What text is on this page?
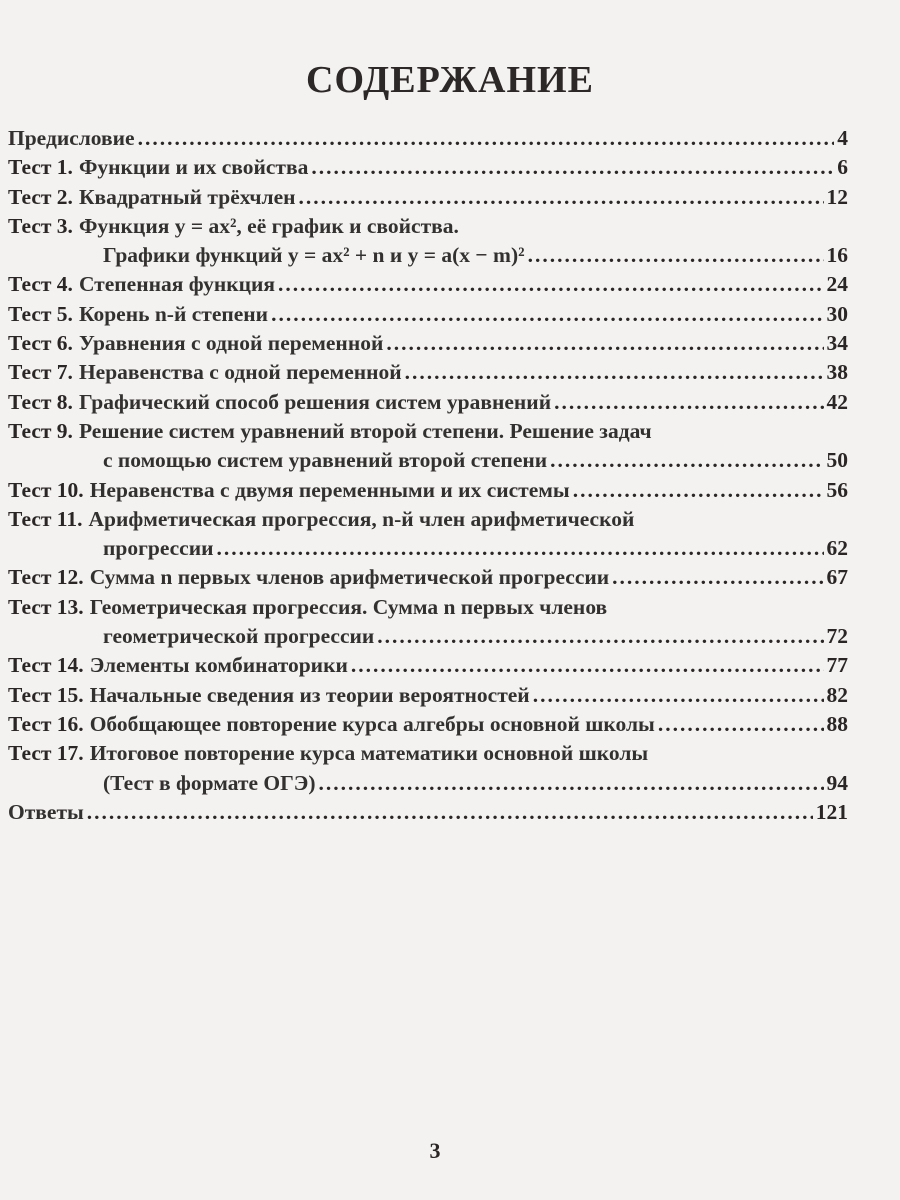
СОДЕРЖАНИЕ
Предисловие .....	4
Тест 1. Функции и их свойства .....	6
Тест 2. Квадратный трёхчлен .....	12
Тест 3. Функция y = ax², её график и свойства.
Графики функций y = ax² + n и y = a(x − m)² .....	16
Тест 4. Степенная функция .....	24
Тест 5. Корень n-й степени .....	30
Тест 6. Уравнения с одной переменной .....	34
Тест 7. Неравенства с одной переменной .....	38
Тест 8. Графический способ решения систем уравнений .....	42
Тест 9. Решение систем уравнений второй степени. Решение задач
с помощью систем уравнений второй степени .....	50
Тест 10. Неравенства с двумя переменными и их системы .....	56
Тест 11. Арифметическая прогрессия, n-й член арифметической
прогрессии .....	62
Тест 12. Сумма n первых членов арифметической прогрессии .....	67
Тест 13. Геометрическая прогрессия. Сумма n первых членов
геометрической прогрессии .....	72
Тест 14. Элементы комбинаторики .....	77
Тест 15. Начальные сведения из теории вероятностей .....	82
Тест 16. Обобщающее повторение курса алгебры основной школы .....	88
Тест 17. Итоговое повторение курса математики основной школы
(Тест в формате ОГЭ) .....	94
Ответы .....	121
3
